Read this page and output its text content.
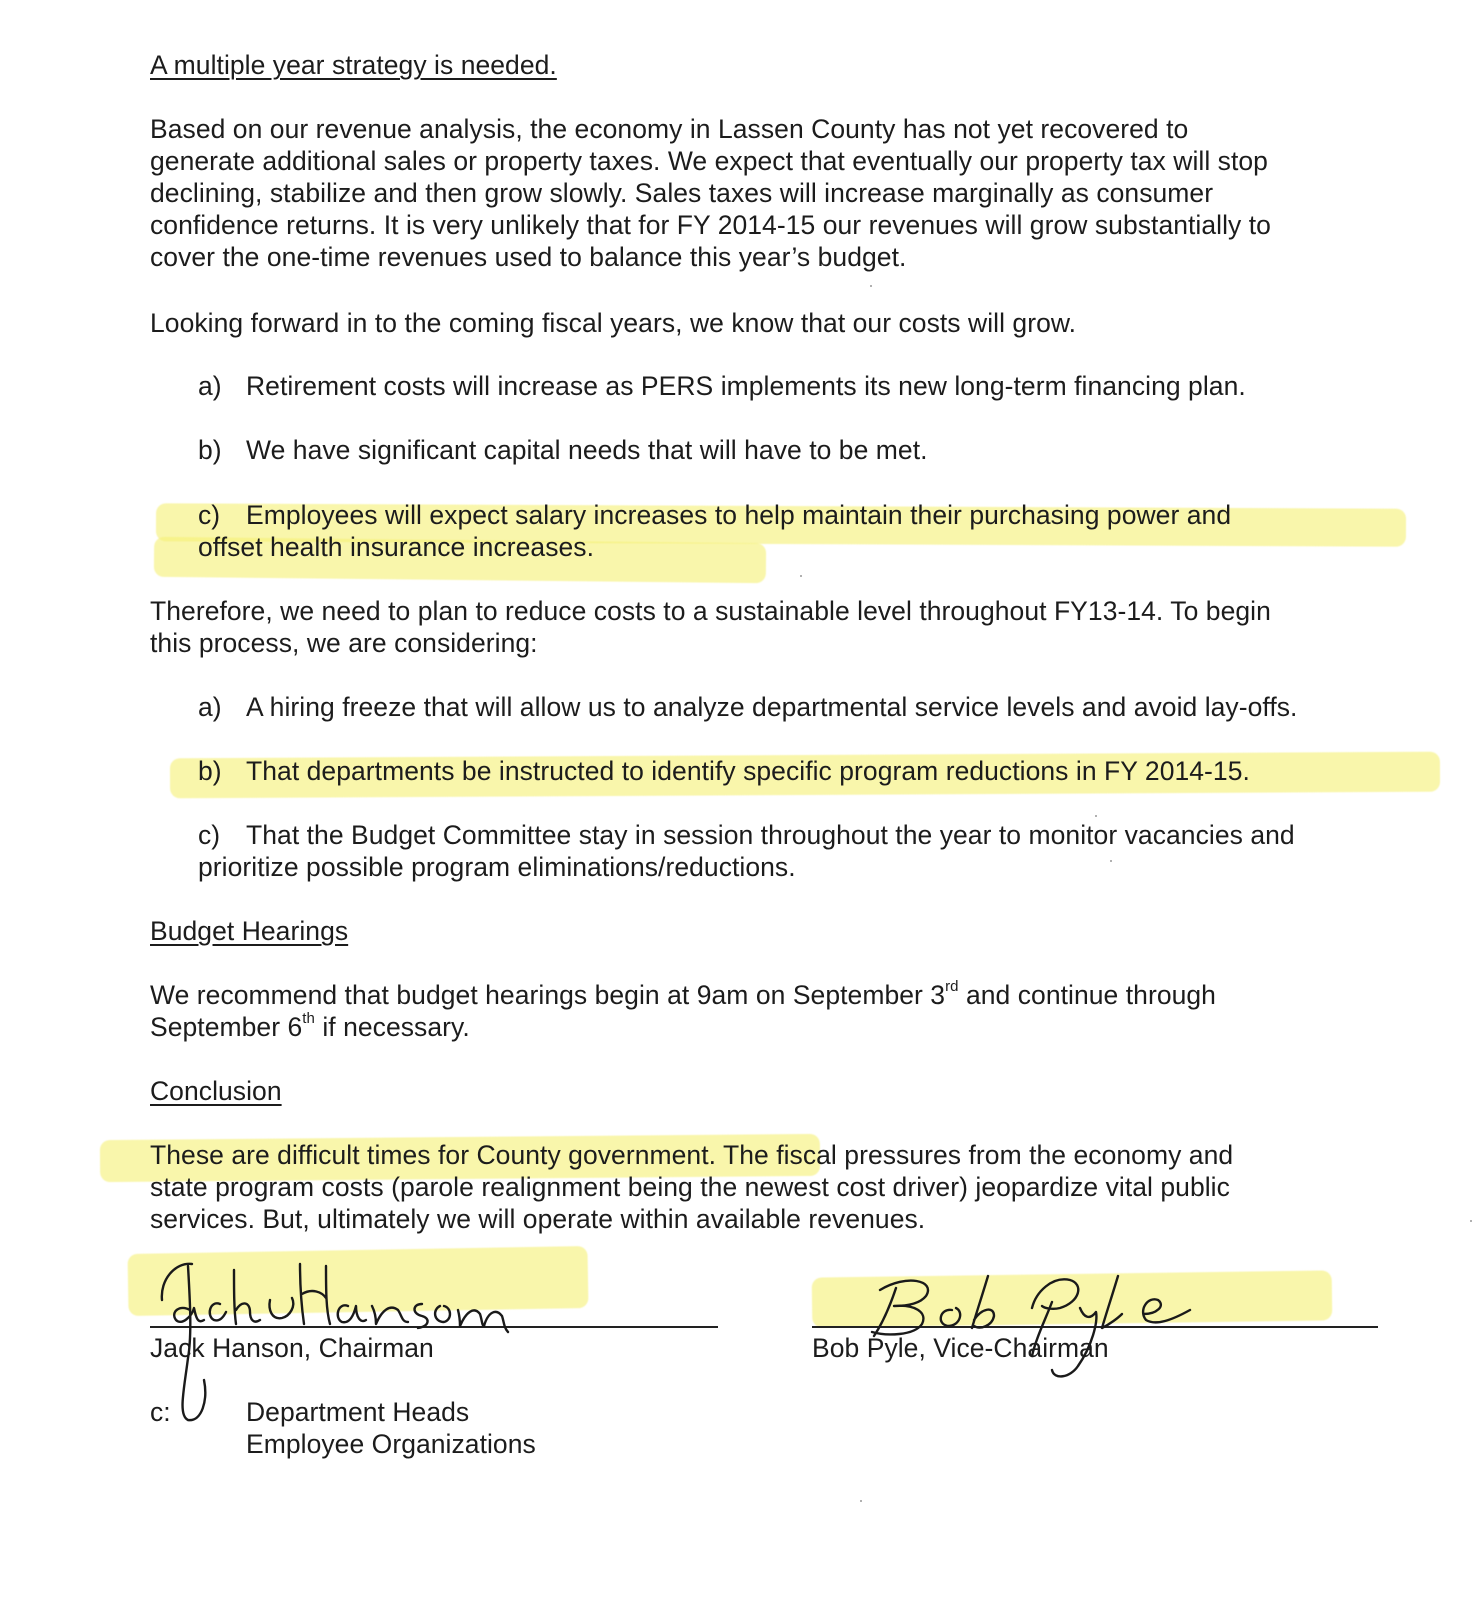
A multiple year strategy is needed.
Based on our revenue analysis, the economy in Lassen County has not yet recovered to
generate additional sales or property taxes. We expect that eventually our property tax will stop
declining, stabilize and then grow slowly. Sales taxes will increase marginally as consumer
confidence returns. It is very unlikely that for FY 2014-15 our revenues will grow substantially to
cover the one-time revenues used to balance this year’s budget.
Looking forward in to the coming fiscal years, we know that our costs will grow.
a) Retirement costs will increase as PERS implements its new long-term financing plan.
b) We have significant capital needs that will have to be met.
c) Employees will expect salary increases to help maintain their purchasing power and
offset health insurance increases.
Therefore, we need to plan to reduce costs to a sustainable level throughout FY13-14. To begin
this process, we are considering:
a) A hiring freeze that will allow us to analyze departmental service levels and avoid lay-offs.
b) That departments be instructed to identify specific program reductions in FY 2014-15.
c) That the Budget Committee stay in session throughout the year to monitor vacancies and
prioritize possible program eliminations/reductions.
Budget Hearings
We recommend that budget hearings begin at 9am on September 3rd and continue through
September 6th if necessary.
Conclusion
These are difficult times for County government. The fiscal pressures from the economy and
state program costs (parole realignment being the newest cost driver) jeopardize vital public
services. But, ultimately we will operate within available revenues.
Jack Hanson, Chairman	Bob Pyle, Vice-Chairman
c:	Department Heads
Employee Organizations
